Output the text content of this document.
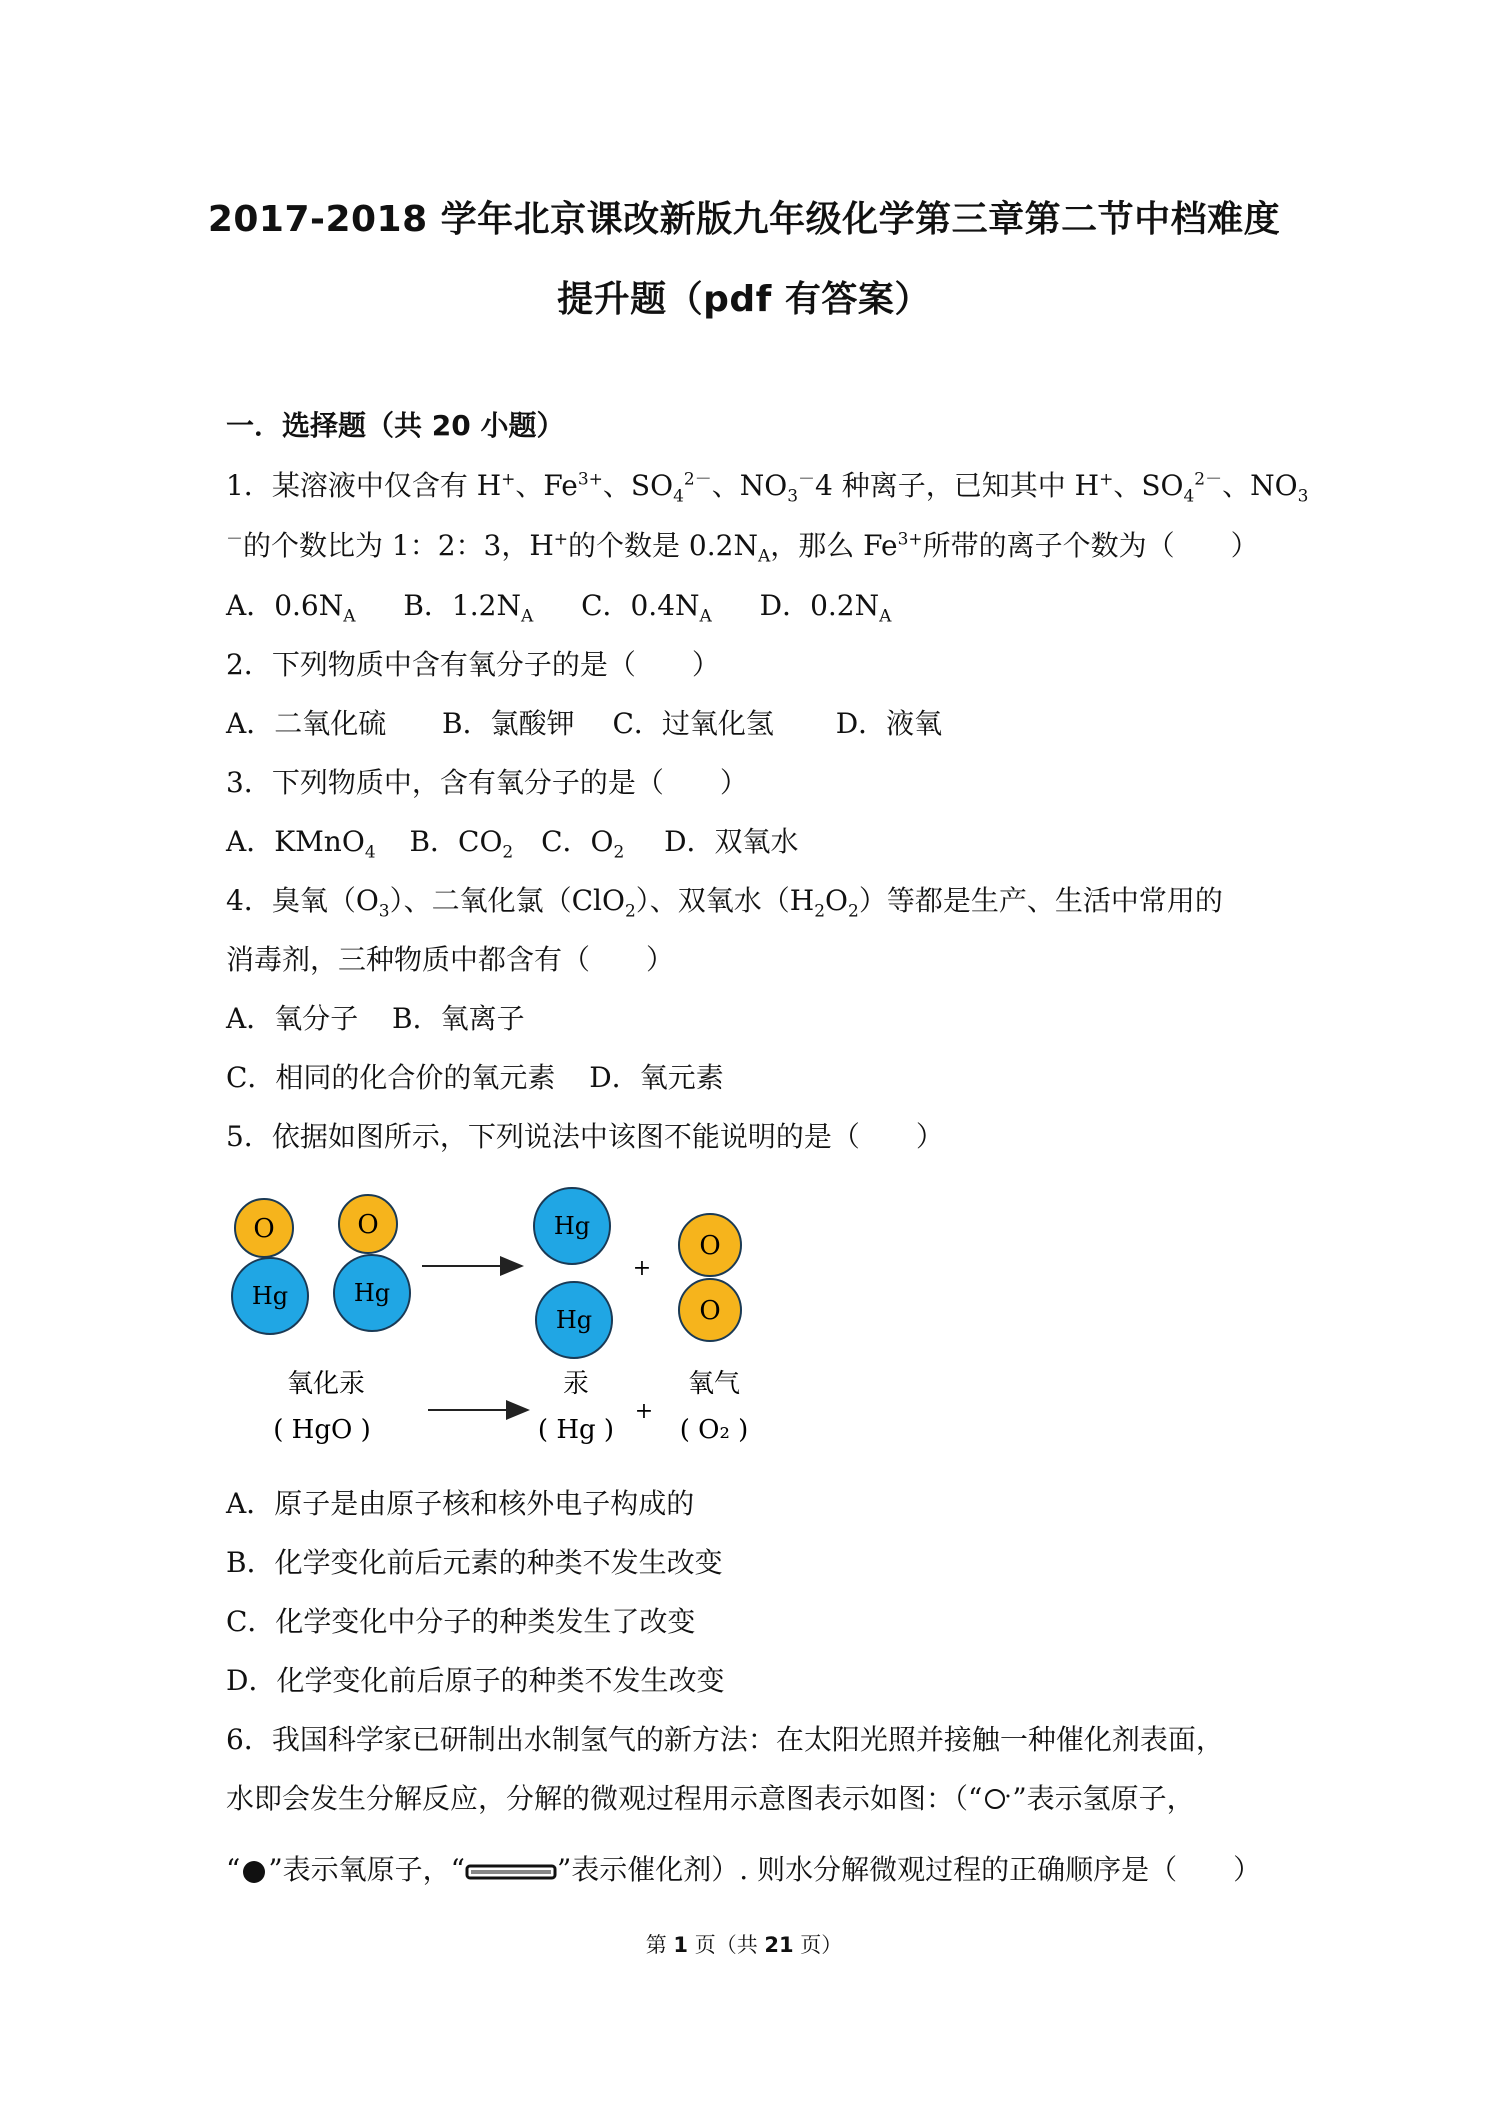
2017-2018 学年北京课改新版九年级化学第三章第二节中档难度
提升题（pdf 有答案）
一．选择题（共 20 小题）
1．某溶液中仅含有 H+、$Fe^{3+}$、$SO_4^{2-}$、$NO_3^-4$ 种离子，已知其中 H+、$SO_4^{2-}$、$NO_3$
－的个数比为 1：2：3，H+的个数是 $0.2N_A$，那么 $Fe^{3+}$所带的离子个数为（　　）
A．$0.6N_A$ B．$1.2N_A$ C．$0.4N_A$ D．$0.2N_A$
2．下列物质中含有氧分子的是（　　）
A．二氧化硫 B．氯酸钾 C．过氧化氢 D．液氧
3．下列物质中，含有氧分子的是（　　）
A．KMnO$_4$ B．$CO_2$ C．$O_2$ D．双氧水
4．臭氧$(O_3)$、二氧化氯（ClO$_2$）、双氧水$(H_2O_2)$等都是生产、生活中常用的
消毒剂，三种物质中都含有（　　）
A．氧分子 B．氧离子
C．相同的化合价的氧元素 D．氧元素
5．依据如图所示，下列说法中该图不能说明的是（　　）
O
Hg
O
Hg
Hg
Hg
+
O
O
氧化汞
( HgO )
汞
( Hg )
+
氧气
( O₂ )
A．原子是由原子核和核外电子构成的
B．化学变化前后元素的种类不发生改变
C．化学变化中分子的种类发生了改变
D．化学变化前后原子的种类不发生改变
6．我国科学家已研制出水制氢气的新方法：在太阳光照并接触一种催化剂表面，
水即会发生分解反应，分解的微观过程用示意图表示如图：（“ ”表示氢原子，
“ ”表示氧原子，“	”表示催化剂）. 则水分解微观过程的正确顺序是（　　）
第 1 页（共 21 页）
